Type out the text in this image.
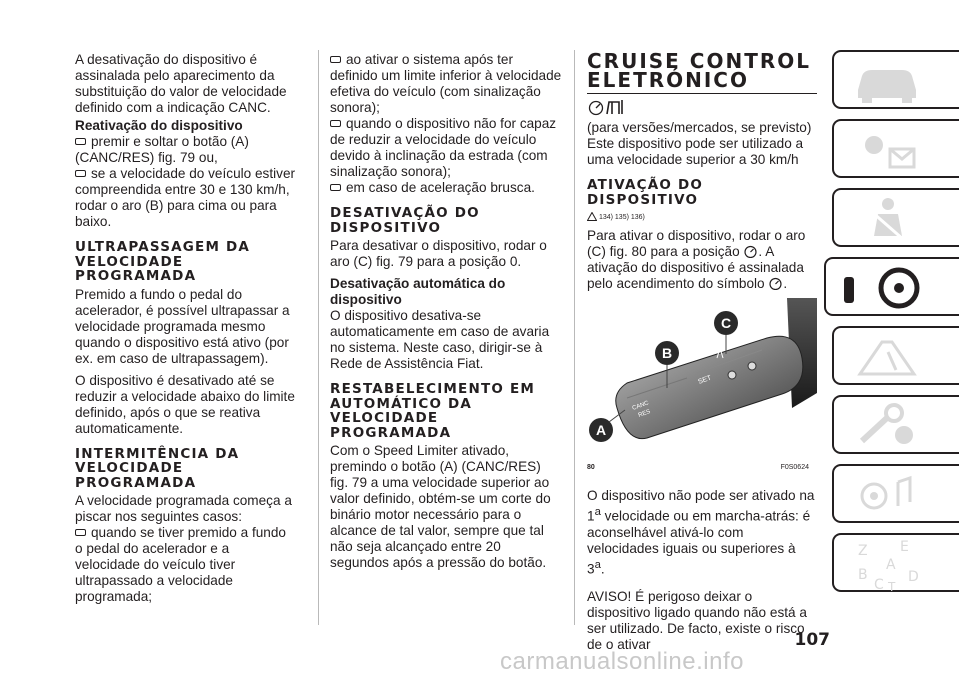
A desativação do dispositivo é assinalada pelo aparecimento da substituição do valor de velocidade definido com a indicação CANC.

Reativação do dispositivo

premir e soltar o botão (A) (CANC/RES) fig. 79 ou,

se a velocidade do veículo estiver compreendida entre 30 e 130 km/h, rodar o aro (B) para cima ou para baixo.

ULTRAPASSAGEM DA VELOCIDADE PROGRAMADA

Premido a fundo o pedal do acelerador, é possível ultrapassar a velocidade programada mesmo quando o dispositivo está ativo (por ex. em caso de ultrapassagem).

O dispositivo é desativado até se reduzir a velocidade abaixo do limite definido, após o que se reativa automaticamente.

INTERMITÊNCIA DA VELOCIDADE PROGRAMADA

A velocidade programada começa a piscar nos seguintes casos:

quando se tiver premido a fundo o pedal do acelerador e a velocidade do veículo tiver ultrapassado a velocidade programada;

ao ativar o sistema após ter definido um limite inferior à velocidade efetiva do veículo (com sinalização sonora);

quando o dispositivo não for capaz de reduzir a velocidade do veículo devido à inclinação da estrada (com sinalização sonora);

em caso de aceleração brusca.

DESATIVAÇÃO DO DISPOSITIVO

Para desativar o dispositivo, rodar o aro (C) fig. 79 para a posição 0.

Desativação automática do dispositivo

O dispositivo desativa-se automaticamente em caso de avaria no sistema. Neste caso, dirigir-se à Rede de Assistência Fiat.

RESTABELECIMENTO EM AUTOMÁTICO DA VELOCIDADE PROGRAMADA

Com o Speed Limiter ativado, premindo o botão (A) (CANC/RES) fig. 79 a uma velocidade superior ao valor definido, obtém-se um corte do binário motor necessário para o alcance de tal valor, sempre que tal não seja alcançado entre 20 segundos após a pressão do botão.

CRUISE CONTROL ELETRÓNICO

(para versões/mercados, se previsto)

Este dispositivo pode ser utilizado a uma velocidade superior a 30 km/h

ATIVAÇÃO DO DISPOSITIVO

134) 135) 136)

Para ativar o dispositivo, rodar o aro (C) fig. 80 para a posição . A ativação do dispositivo é assinalada pelo acendimento do símbolo .

B
C
A
CANC
RES
SET
80	F0S0624

O dispositivo não pode ser ativado na 1$^a$ velocidade ou em marcha-atrás: é aconselhável ativá-lo com velocidades iguais ou superiores à 3$^a$.

AVISO! É perigoso deixar o dispositivo ligado quando não está a ser utilizado. De facto, existe o risco de o ativar

Z E
A
B
C D
T
107
carmanualsonline.info
